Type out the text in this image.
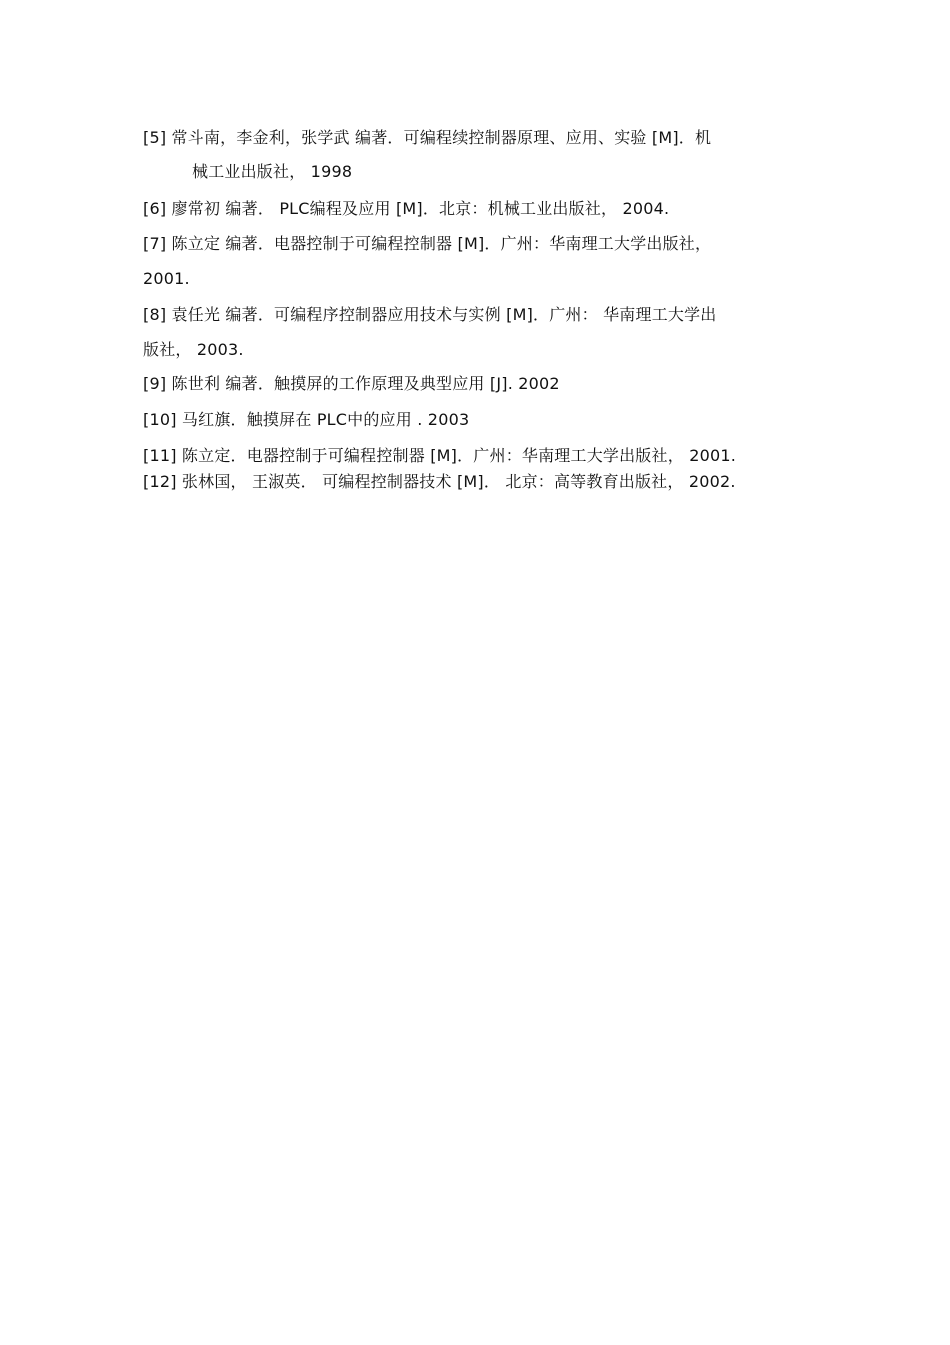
[5] 常斗南，李金利，张学武 编著．可编程续控制器原理、应用、实验 [M]．机
械工业出版社， 1998
[6] 廖常初 编著． PLC编程及应用 [M]．北京：机械工业出版社， 2004.
[7] 陈立定 编著．电器控制于可编程控制器 [M]．广州：华南理工大学出版社，
2001.
[8] 袁任光 编著．可编程序控制器应用技术与实例 [M]．广州： 华南理工大学出
版社， 2003.
[9] 陈世利 编著．触摸屏的工作原理及典型应用 [J]. 2002
[10] 马红旗．触摸屏在 PLC中的应用 . 2003
[11] 陈立定．电器控制于可编程控制器 [M]．广州：华南理工大学出版社， 2001.
[12] 张林国， 王淑英． 可编程控制器技术 [M]． 北京：高等教育出版社， 2002.
